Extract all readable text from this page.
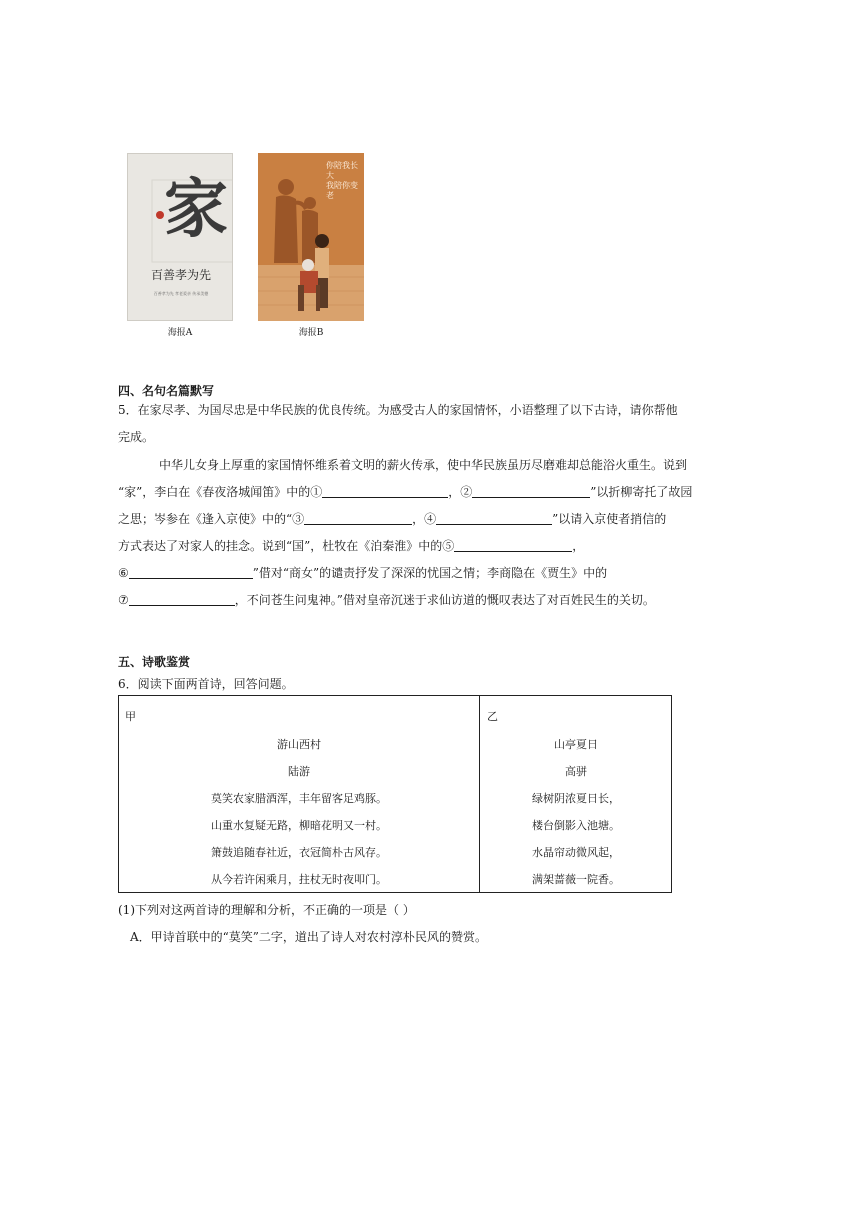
家
百善孝为先
百善孝为先 孝老爱亲 传承美德
海报A
你陪我长大
我陪你变老
海报B
四、名句名篇默写
5．在家尽孝、为国尽忠是中华民族的优良传统。为感受古人的家国情怀，小语整理了以下古诗，请你帮他
完成。
中华儿女身上厚重的家国情怀维系着文明的薪火传承，使中华民族虽历尽磨难却总能浴火重生。说到
“家”，李白在《春夜洛城闻笛》中的①	，②	”以折柳寄托了故园
之思；岑参在《逢入京使》中的“③	，④	”以请入京使者捎信的
方式表达了对家人的挂念。说到“国”，杜牧在《泊秦淮》中的⑤	，
⑥	”借对“商女”的谴责抒发了深深的忧国之情；李商隐在《贾生》中的
⑦	，不问苍生问鬼神。”借对皇帝沉迷于求仙访道的慨叹表达了对百姓民生的关切。
五、诗歌鉴赏
6．阅读下面两首诗，回答问题。
甲
游山西村
陆游
莫笑农家腊酒浑，丰年留客足鸡豚。
山重水复疑无路，柳暗花明又一村。
箫鼓追随春社近，衣冠简朴古风存。
从今若许闲乘月，拄杖无时夜叩门。
乙
山亭夏日
高骈
绿树阴浓夏日长，
楼台倒影入池塘。
水晶帘动微风起，
满架蔷薇一院香。
(1)下列对这两首诗的理解和分析，不正确的一项是（ ）
A．甲诗首联中的“莫笑”二字，道出了诗人对农村淳朴民风的赞赏。
